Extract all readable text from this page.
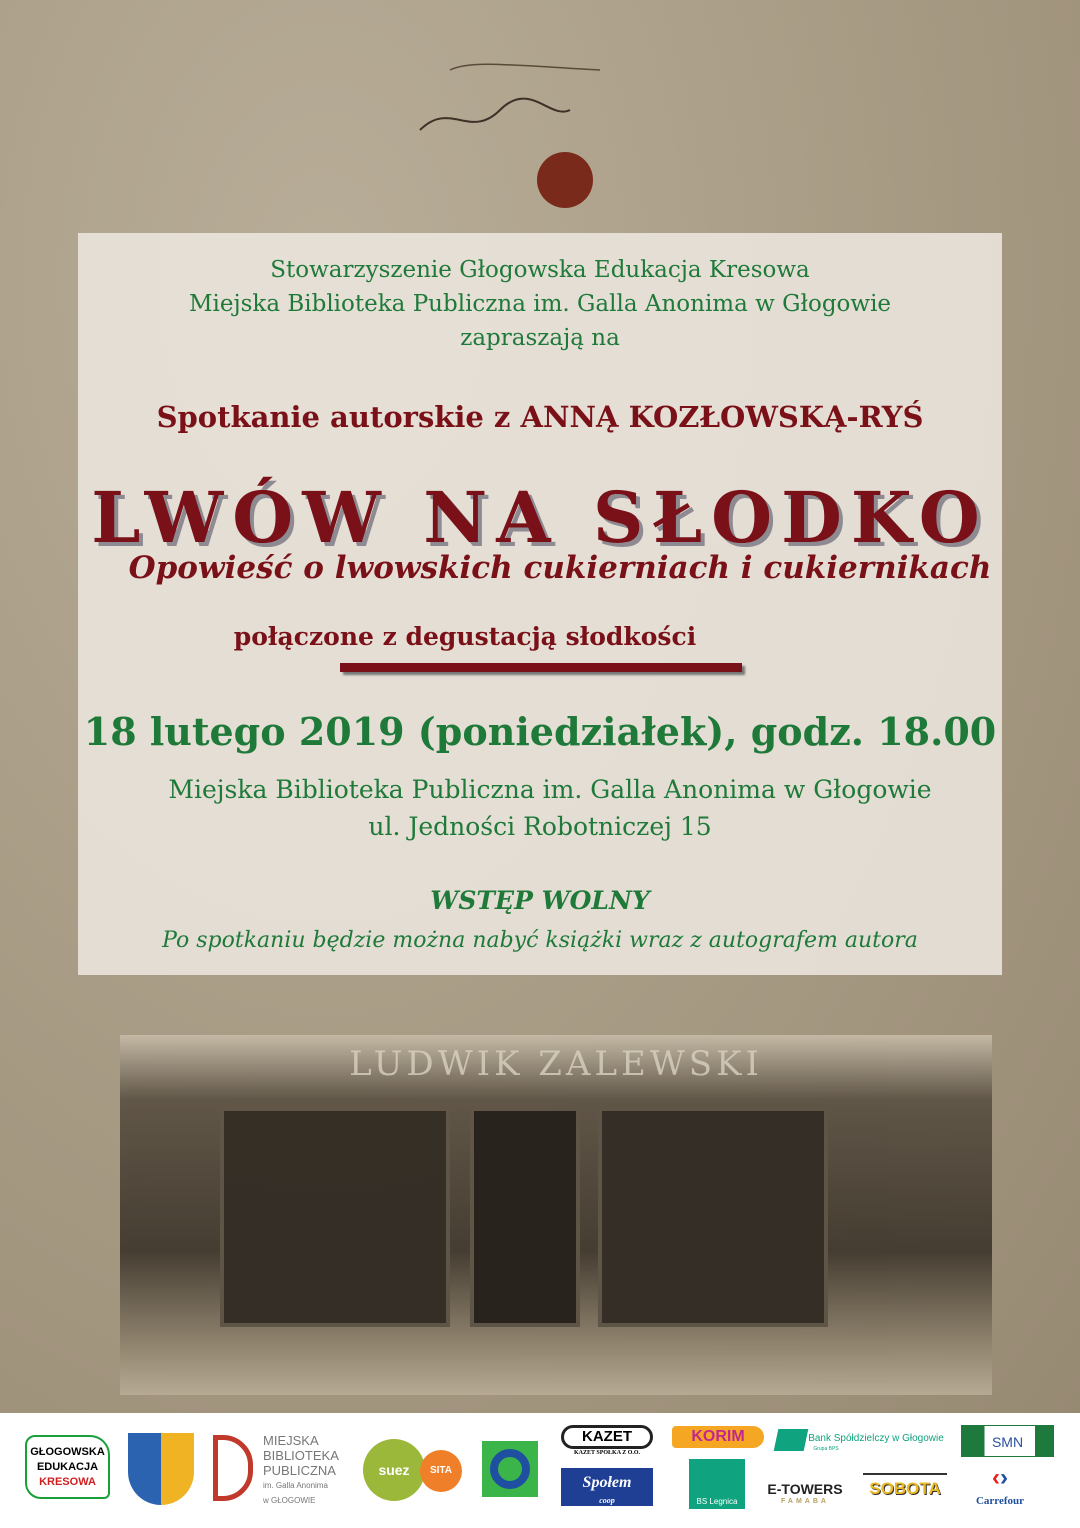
Stowarzyszenie Głogowska Edukacja Kresowa
Miejska Biblioteka Publiczna im. Galla Anonima w Głogowie
zapraszają na
Spotkanie autorskie z ANNĄ KOZŁOWSKĄ-RYŚ
LWÓW NA SŁODKO
Opowieść o lwowskich cukierniach i cukiernikach
połączone z degustacją słodkości
18 lutego 2019 (poniedziałek), godz. 18.00
Miejska Biblioteka Publiczna im. Galla Anonima w Głogowie
ul. Jedności Robotniczej 15
WSTĘP WOLNY
Po spotkaniu będzie można nabyć książki wraz z autografem autora
LUDWIK ZALEWSKI
GŁOGOWSKA
EDUKACJA
KRESOWA
MIEJSKA
BIBLIOTEKA
PUBLICZNA
im. Galla Anonima
w GŁOGOWIE
suez	SITA
KAZET
KAZET SPÓŁKA Z O.O.
KORIM	Bank Spółdzielczy w Głogowie
Grupa BPS	SMN
Społem
coop	BS Legnica
E-TOWERS
FAMABA
SOBOTA	‹›
Carrefour
